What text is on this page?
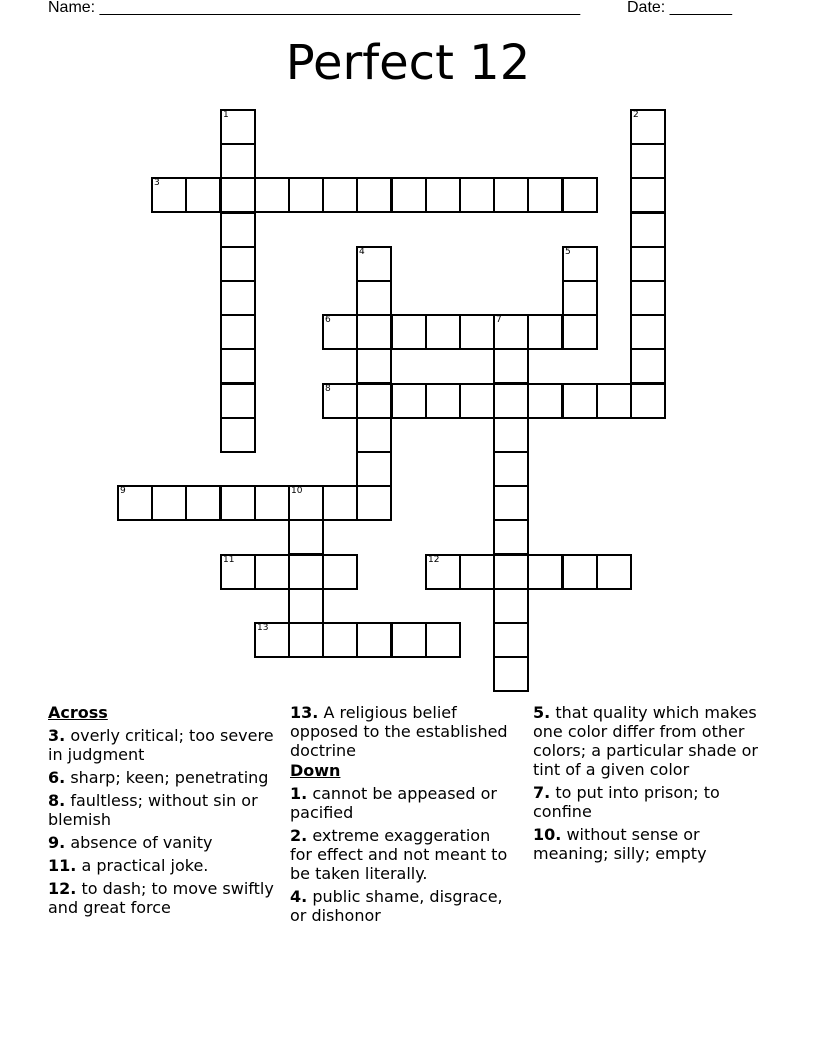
Name: ______________________________________________________	Date: _______
Perfect 12
1	2
3
4	5
6	7
8
9	10
11	12
13
Across
3. overly critical; too severe in judgment
6. sharp; keen; penetrating
8. faultless; without sin or blemish
9. absence of vanity
11. a practical joke.
12. to dash; to move swiftly and great force
13. A religious belief opposed to the established doctrine
Down
1. cannot be appeased or pacified
2. extreme exaggeration for effect and not meant to be taken literally.
4. public shame, disgrace, or dishonor
5. that quality which makes one color differ from other colors; a particular shade or tint of a given color
7. to put into prison; to confine
10. without sense or meaning; silly; empty
